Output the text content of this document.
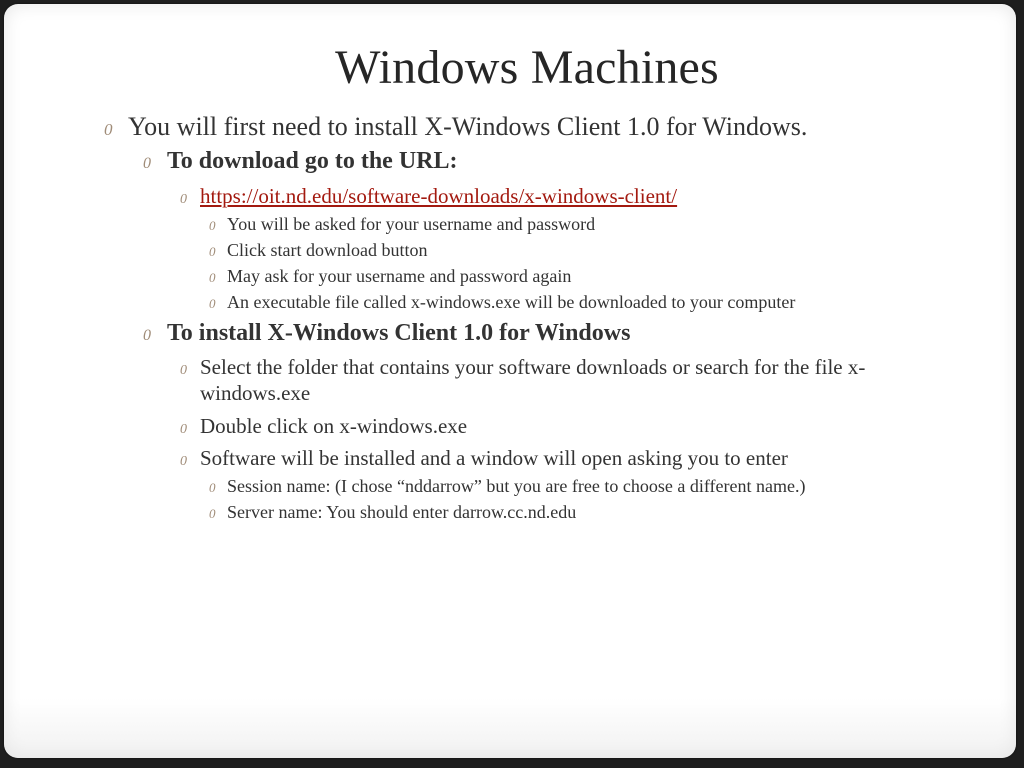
Windows Machines
0 You will first need to install X-Windows Client 1.0 for Windows.
0 To download go to the URL:
0 https://oit.nd.edu/software-downloads/x-windows-client/
0 You will be asked for your username and password
0 Click start download button
0 May ask for your username and password again
0 An executable file called x-windows.exe will be downloaded to your computer
0 To install X-Windows Client 1.0 for Windows
0 Select the folder that contains your software downloads or search for the file x-windows.exe
0 Double click on x-windows.exe
0 Software will be installed and a window will open asking you to enter
0 Session name: (I chose “nddarrow” but you are free to choose a different name.)
0 Server name: You should enter darrow.cc.nd.edu
